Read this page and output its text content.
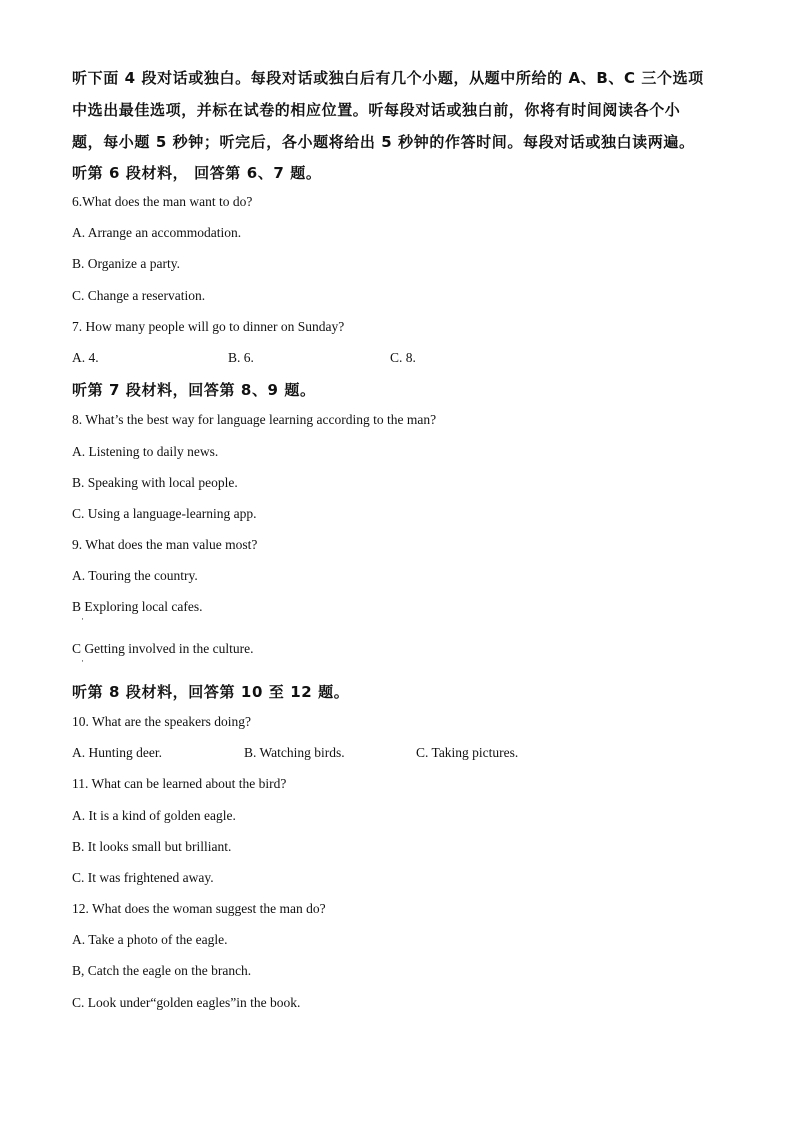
听下面 4 段对话或独白。每段对话或独白后有几个小题，从题中所给的 A、B、C 三个选项
中选出最佳选项，并标在试卷的相应位置。听每段对话或独白前，你将有时间阅读各个小
题，每小题 5 秒钟；听完后，各小题将给出 5 秒钟的作答时间。每段对话或独白读两遍。
听第 6 段材料， 回答第 6、7 题。
6.What does the man want to do?
A. Arrange an accommodation.
B. Organize a party.
C. Change a reservation.
7. How many people will go to dinner on Sunday?
A. 4.	B. 6.	C. 8.
听第 7 段材料，回答第 8、9 题。
8. What’s the best way for language learning according to the man?
A. Listening to daily news.
B. Speaking with local people.
C. Using a language-learning app.
9. What does the man value most?
A. Touring the country.
B Exploring local cafes.
·
C Getting involved in the culture.
·
听第 8 段材料，回答第 10 至 12 题。
10. What are the speakers doing?
A. Hunting deer.	B. Watching birds.	C. Taking pictures.
11. What can be learned about the bird?
A. It is a kind of golden eagle.
B. It looks small but brilliant.
C. It was frightened away.
12. What does the woman suggest the man do?
A. Take a photo of the eagle.
B, Catch the eagle on the branch.
C. Look under“golden eagles”in the book.
